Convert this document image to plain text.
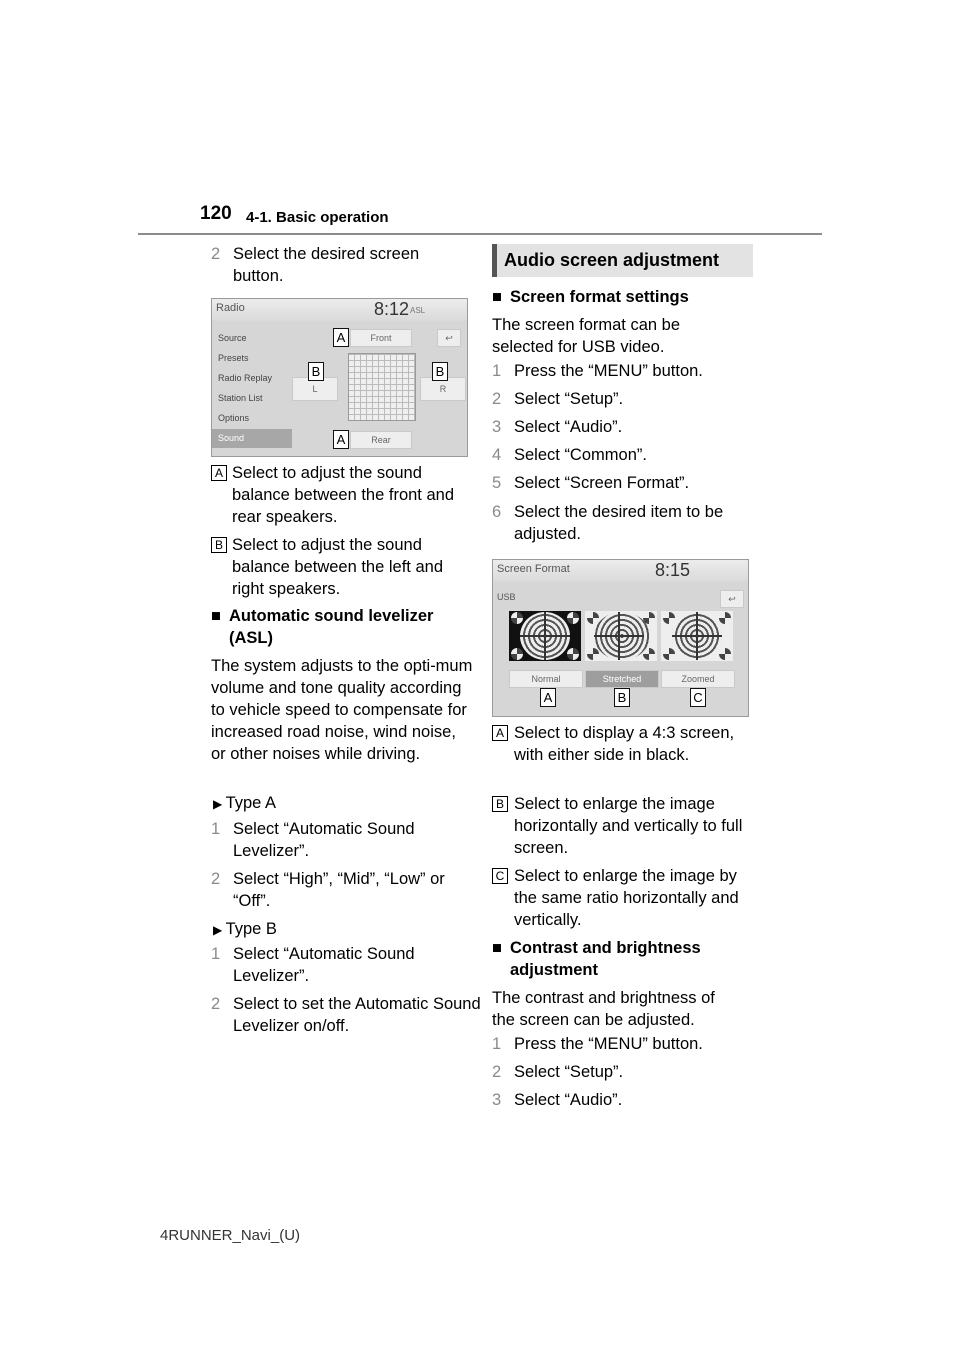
120 4-1. Basic operation
2 Select the desired screen button.
Radio	8:12 ASL
Source
Presets
Radio Replay
Station List
Options
Sound
Front	↩
L	R
Rear
A
B	B
A
A Select to adjust the sound balance between the front and rear speakers.
B Select to adjust the sound balance between the left and right speakers.
■ Automatic sound levelizer (ASL)
The system adjusts to the opti-mum volume and tone quality according to vehicle speed to compensate for increased road noise, wind noise, or other noises while driving.
▶ Type A
1 Select “Automatic Sound Levelizer”.
2 Select “High”, “Mid”, “Low” or “Off”.
▶ Type B
1 Select “Automatic Sound Levelizer”.
2 Select to set the Automatic Sound Levelizer on/off.
Audio screen adjustment
■ Screen format settings
The screen format can be selected for USB video.
1 Press the “MENU” button.
2 Select “Setup”.
3 Select “Audio”.
4 Select “Common”.
5 Select “Screen Format”.
6 Select the desired item to be adjusted.
Screen Format	8:15
USB	↩
Normal	Stretched	Zoomed
A	B	C
A Select to display a 4:3 screen, with either side in black.
B Select to enlarge the image horizontally and vertically to full screen.
C Select to enlarge the image by the same ratio horizontally and vertically.
■ Contrast and brightness adjustment
The contrast and brightness of the screen can be adjusted.
1 Press the “MENU” button.
2 Select “Setup”.
3 Select “Audio”.
4RUNNER_Navi_(U)
